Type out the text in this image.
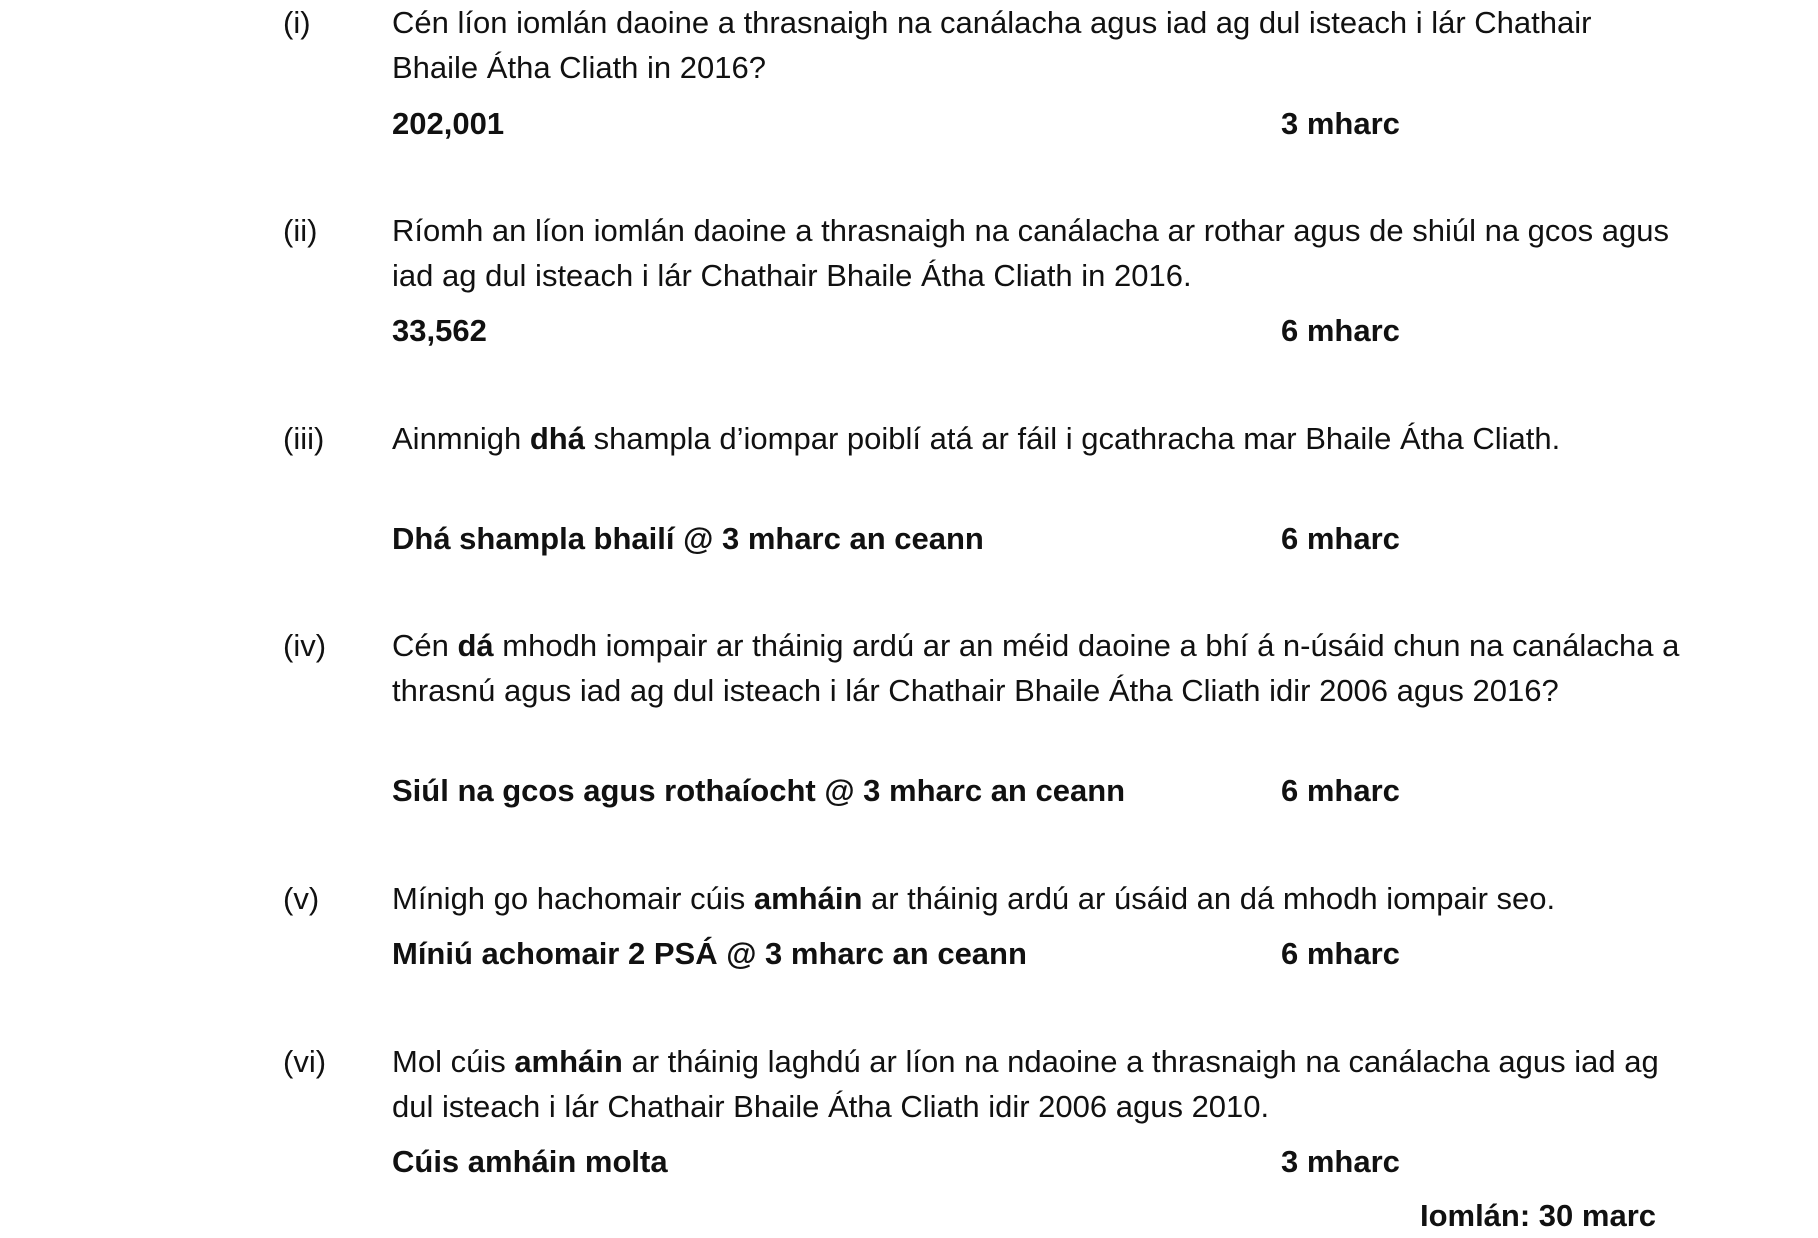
(i)	Cén líon iomlán daoine a thrasnaigh na canálacha agus iad ag dul isteach i lár Chathair Bhaile Átha Cliath in 2016?
202,001	3 mharc
(ii) Ríomh an líon iomlán daoine a thrasnaigh na canálacha ar rothar agus de shiúl na gcos agus iad ag dul isteach i lár Chathair Bhaile Átha Cliath in 2016.
33,562	6 mharc
(iii) Ainmnigh dhá shampla d’iompar poiblí atá ar fáil i gcathracha mar Bhaile Átha Cliath.
Dhá shampla bhailí @ 3 mharc an ceann	6 mharc
(iv) Cén dá mhodh iompair ar tháinig ardú ar an méid daoine a bhí á n-úsáid chun na canálacha a thrasnú agus iad ag dul isteach i lár Chathair Bhaile Átha Cliath idir 2006 agus 2016?
Siúl na gcos agus rothaíocht @ 3 mharc an ceann	6 mharc
(v) Mínigh go hachomair cúis amháin ar tháinig ardú ar úsáid an dá mhodh iompair seo.
Míniú achomair 2 PSÁ @ 3 mharc an ceann	6 mharc
(vi) Mol cúis amháin ar tháinig laghdú ar líon na ndaoine a thrasnaigh na canálacha agus iad ag dul isteach i lár Chathair Bhaile Átha Cliath idir 2006 agus 2010.
Cúis amháin molta	3 mharc
Iomlán: 30 marc
